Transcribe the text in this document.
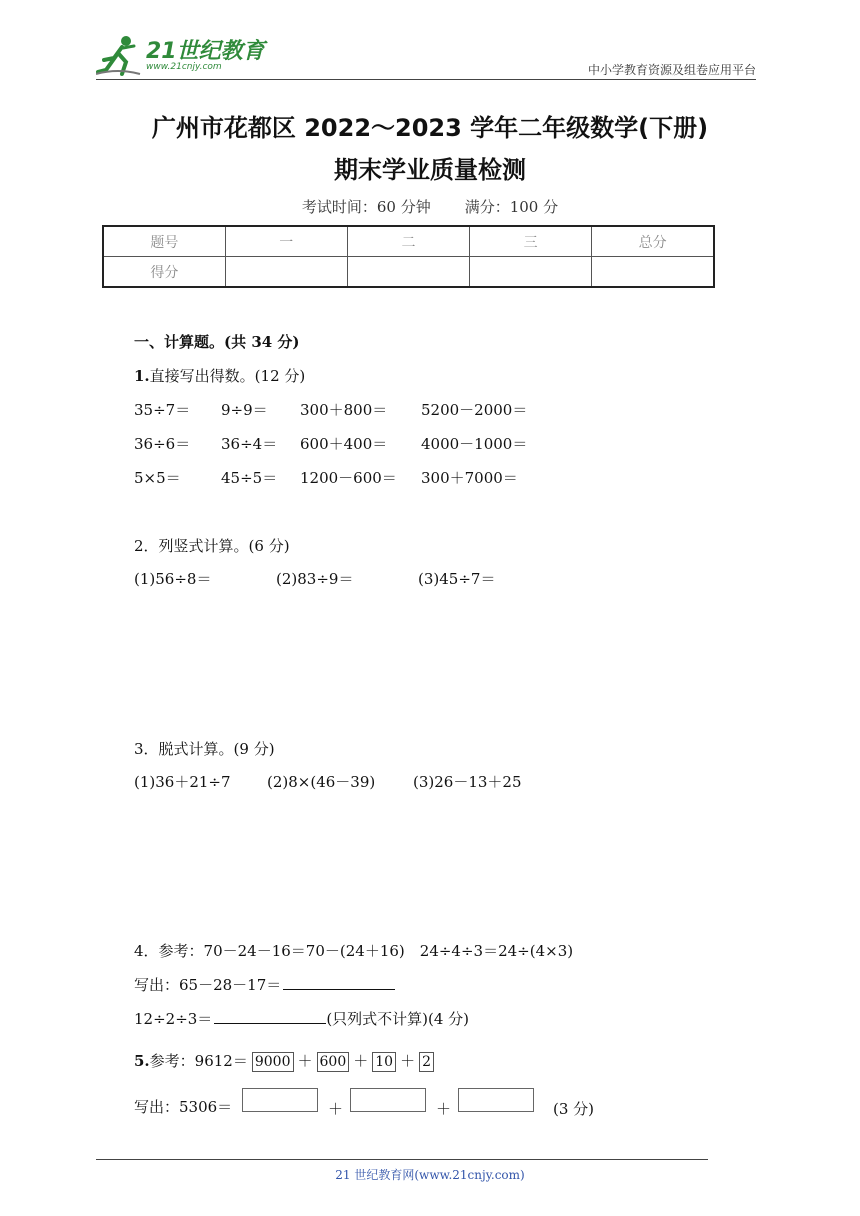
21世纪教育
www.21cnjy.com	中小学教育资源及组卷应用平台
广州市花都区 2022～2023 学年二年级数学(下册)
期末学业质量检测
考试时间：60 分钟 满分：100 分
题号	一	二	三	总分
得分				
一、计算题。(共 34 分)
1.直接写出得数。(12 分)
35÷7＝ 9÷9＝ 300＋800＝ 5200－2000＝
36÷6＝ 36÷4＝ 600＋400＝ 4000－1000＝
5×5＝	45÷5＝ 1200－600＝ 300＋7000＝
2．列竖式计算。(6 分)
(1)56÷8＝	(2)83÷9＝	(3)45÷7＝
3．脱式计算。(9 分)
(1)36＋21÷7 (2)8×(46－39)	(3)26－13＋25
4．参考：70－24－16＝70－(24＋16)　24÷4÷3＝24÷(4×3)
写出：65－28－17＝
12÷2÷3＝	(只列式不计算)(4 分)
5.参考：9612＝ 9000 ＋ 600 ＋ 10 ＋ 2
写出：5306＝	＋	＋	(3 分)
21 世纪教育网(www.21cnjy.com)
